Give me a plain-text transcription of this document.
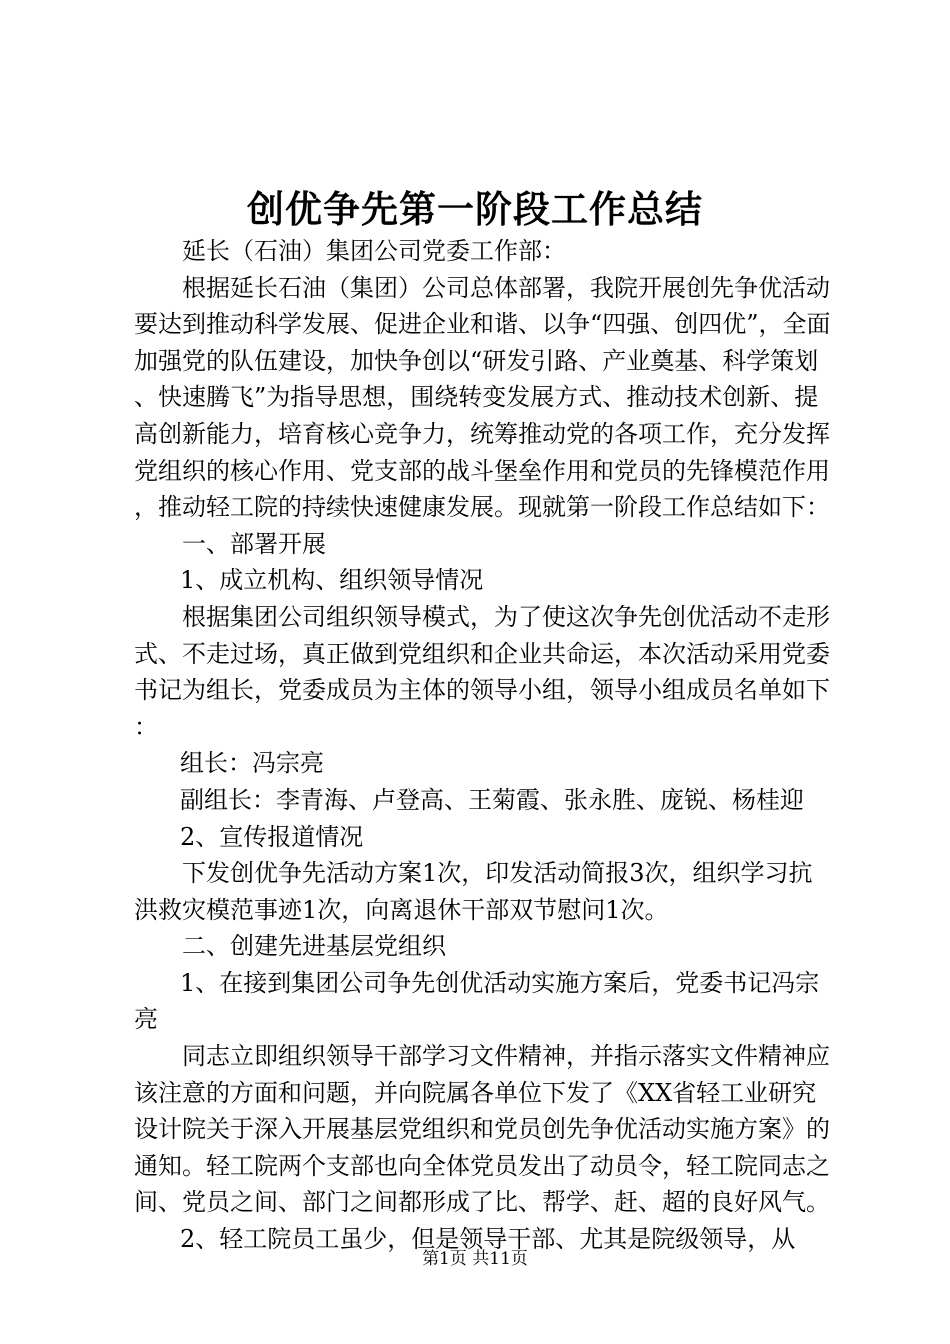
创优争先第一阶段工作总结

延长（石油）集团公司党委工作部：

根据延长石油（集团）公司总体部署，我院开展创先争优活动要达到推动科学发展、促进企业和谐、以争“四强、创四优”，全面加强党的队伍建设，加快争创以“研发引路、产业奠基、科学策划、快速腾飞”为指导思想，围绕转变发展方式、推动技术创新、提高创新能力，培育核心竞争力，统筹推动党的各项工作，充分发挥党组织的核心作用、党支部的战斗堡垒作用和党员的先锋模范作用，推动轻工院的持续快速健康发展。现就第一阶段工作总结如下：

一、部署开展

1、成立机构、组织领导情况

根据集团公司组织领导模式，为了使这次争先创优活动不走形式、不走过场，真正做到党组织和企业共命运，本次活动采用党委书记为组长，党委成员为主体的领导小组，领导小组成员名单如下：

组长：冯宗亮

副组长：李青海、卢登高、王菊霞、张永胜、庞锐、杨桂迎

2、宣传报道情况

下发创优争先活动方案1次，印发活动简报3次，组织学习抗洪救灾模范事迹1次，向离退休干部双节慰问1次。

二、创建先进基层党组织

1、在接到集团公司争先创优活动实施方案后，党委书记冯宗亮

同志立即组织领导干部学习文件精神，并指示落实文件精神应该注意的方面和问题，并向院属各单位下发了《XX省轻工业研究设计院关于深入开展基层党组织和党员创先争优活动实施方案》的通知。轻工院两个支部也向全体党员发出了动员令，轻工院同志之间、党员之间、部门之间都形成了比、帮学、赶、超的良好风气。

2、轻工院员工虽少，但是领导干部、尤其是院级领导，从

第1页 共11页
